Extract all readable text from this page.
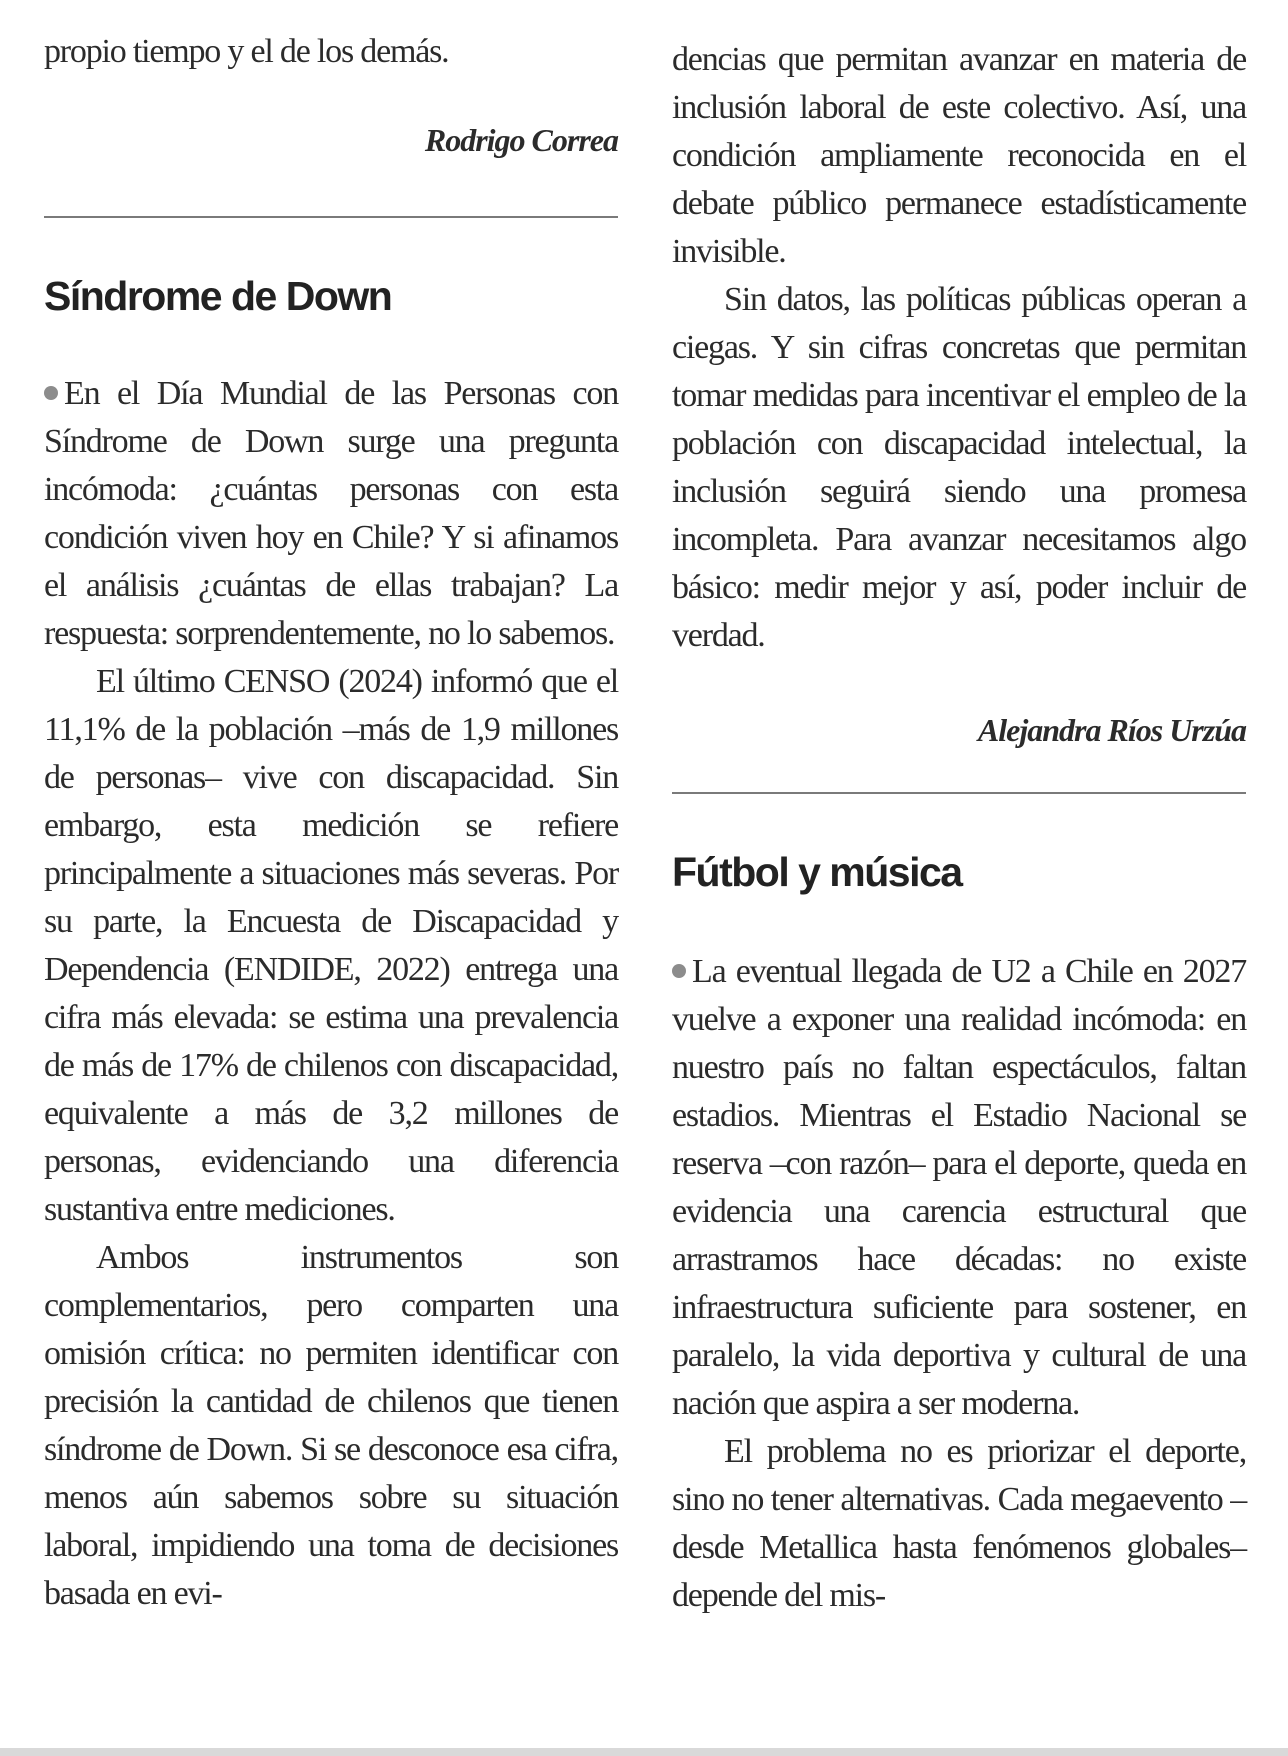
propio tiempo y el de los demás.

Rodrigo Correa
Síndrome de Down

En el Día Mundial de las Personas con Síndrome de Down surge una pregunta incómoda: ¿cuántas personas con esta condición viven hoy en Chile? Y si afinamos el análisis ¿cuántas de ellas trabajan? La respuesta: sorprendentemente, no lo sabemos.

El último CENSO (2024) informó que el 11,1% de la población –más de 1,9 millones de personas– vive con discapacidad. Sin embargo, esta medición se refiere principalmente a situaciones más severas. Por su parte, la Encuesta de Discapacidad y Dependencia (ENDIDE, 2022) entrega una cifra más elevada: se estima una prevalencia de más de 17% de chilenos con discapacidad, equivalente a más de 3,2 millones de personas, evidenciando una diferencia sustantiva entre mediciones.

Ambos instrumentos son complementarios, pero comparten una omisión crítica: no permiten identificar con precisión la cantidad de chilenos que tienen síndrome de Down. Si se desconoce esa cifra, menos aún sabemos sobre su situación laboral, impidiendo una toma de decisiones basada en evi-

dencias que permitan avanzar en materia de inclusión laboral de este colectivo. Así, una condición ampliamente reconocida en el debate público permanece estadísticamente invisible.

Sin datos, las políticas públicas operan a ciegas. Y sin cifras concretas que permitan tomar medidas para incentivar el empleo de la población con discapacidad intelectual, la inclusión seguirá siendo una promesa incompleta. Para avanzar necesitamos algo básico: medir mejor y así, poder incluir de verdad.

Alejandra Ríos Urzúa
Fútbol y música

La eventual llegada de U2 a Chile en 2027 vuelve a exponer una realidad incómoda: en nuestro país no faltan espectáculos, faltan estadios. Mientras el Estadio Nacional se reserva –con razón– para el deporte, queda en evidencia una carencia estructural que arrastramos hace décadas: no existe infraestructura suficiente para sostener, en paralelo, la vida deportiva y cultural de una nación que aspira a ser moderna.

El problema no es priorizar el deporte, sino no tener alternativas. Cada megaevento –desde Metallica hasta fenómenos globales– depende del mis-
